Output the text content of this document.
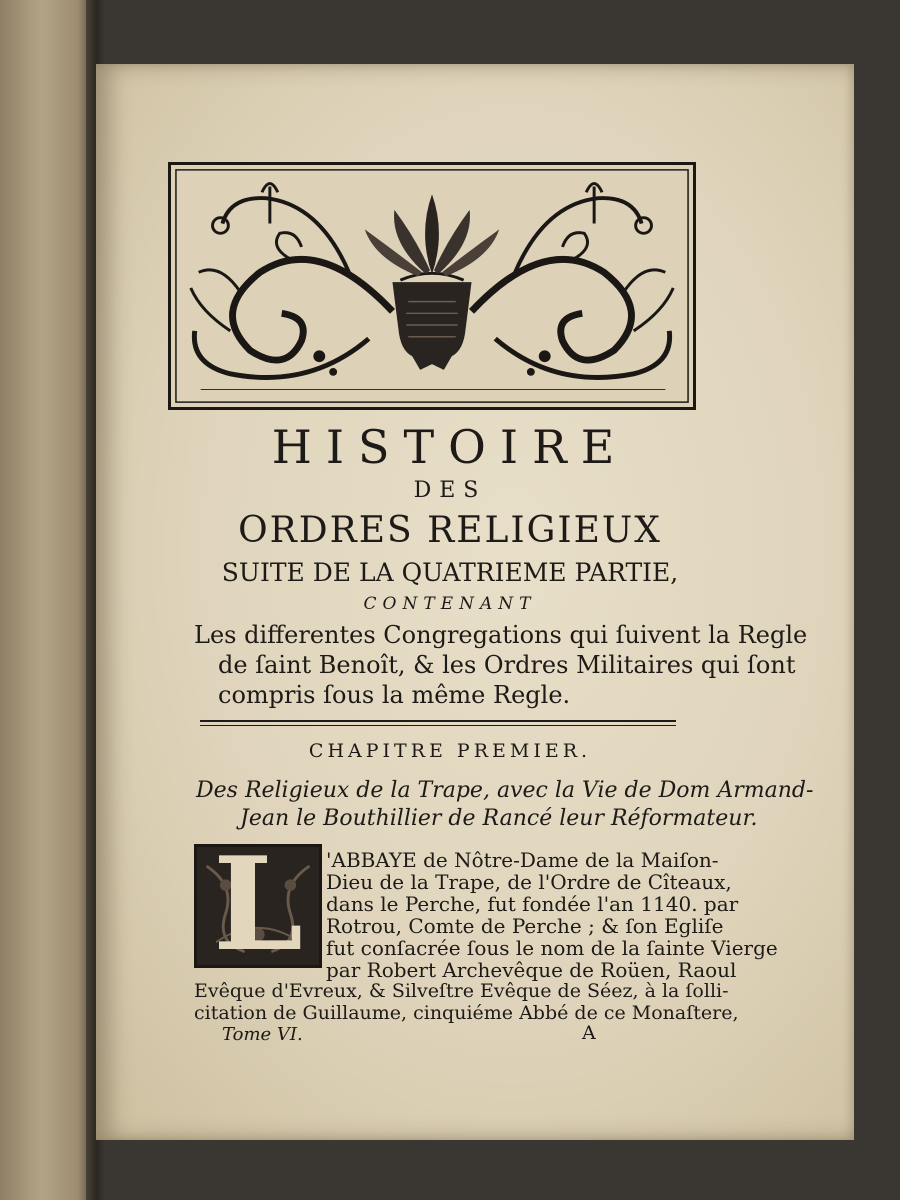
HISTOIRE
DES
ORDRES RELIGIEUX
SUITE DE LA QUATRIEME PARTIE,
CONTENANT
Les differentes Congregations qui ſuivent la Regle
de ſaint Benoît, & les Ordres Militaires qui ſont
compris ſous la même Regle.
CHAPITRE PREMIER.
Des Religieux de la Trape, avec la Vie de Dom Armand-
Jean le Bouthillier de Rancé leur Réformateur.
L	'ABBAYE de Nôtre-Dame de la Maiſon-
Dieu de la Trape, de l'Ordre de Cîteaux,
dans le Perche, fut fondée l'an 1140. par
Rotrou, Comte de Perche ; & ſon Egliſe
fut conſacrée ſous le nom de la ſainte Vierge
par Robert Archevêque de Roüen, Raoul
Evêque d'Evreux, & Silveſtre Evêque de Séez, à la ſolli-
citation de Guillaume, cinquiéme Abbé de ce Monaſtere,
Tome VI.	A
